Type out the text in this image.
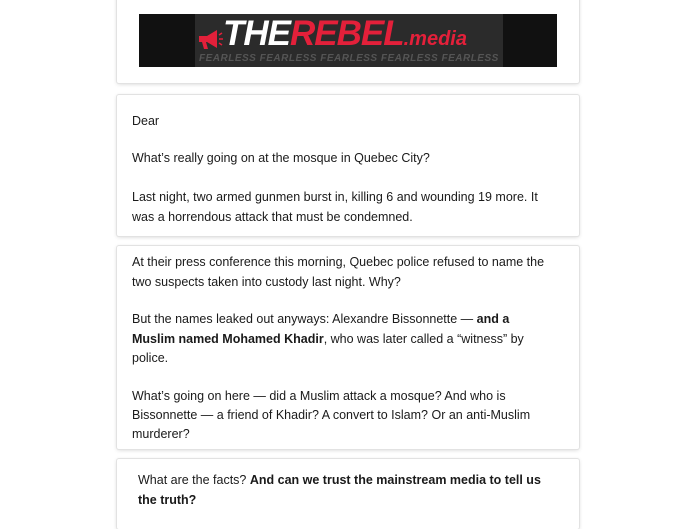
THEREBEL.media
FEARLESS FEARLESS FEARLESS FEARLESS FEARLESS

Dear

What’s really going on at the mosque in Quebec City?

Last night, two armed gunmen burst in, killing 6 and wounding 19 more. It

was a horrendous attack that must be condemned.

At their press conference this morning, Quebec police refused to name the

two suspects taken into custody last night. Why?

But the names leaked out anyways: Alexandre Bissonnette — and a

Muslim named Mohamed Khadir, who was later called a “witness” by

police.

What’s going on here — did a Muslim attack a mosque? And who is

Bissonnette — a friend of Khadir? A convert to Islam? Or an anti-Muslim

murderer?

What are the facts? And can we trust the mainstream media to tell us

the truth?
